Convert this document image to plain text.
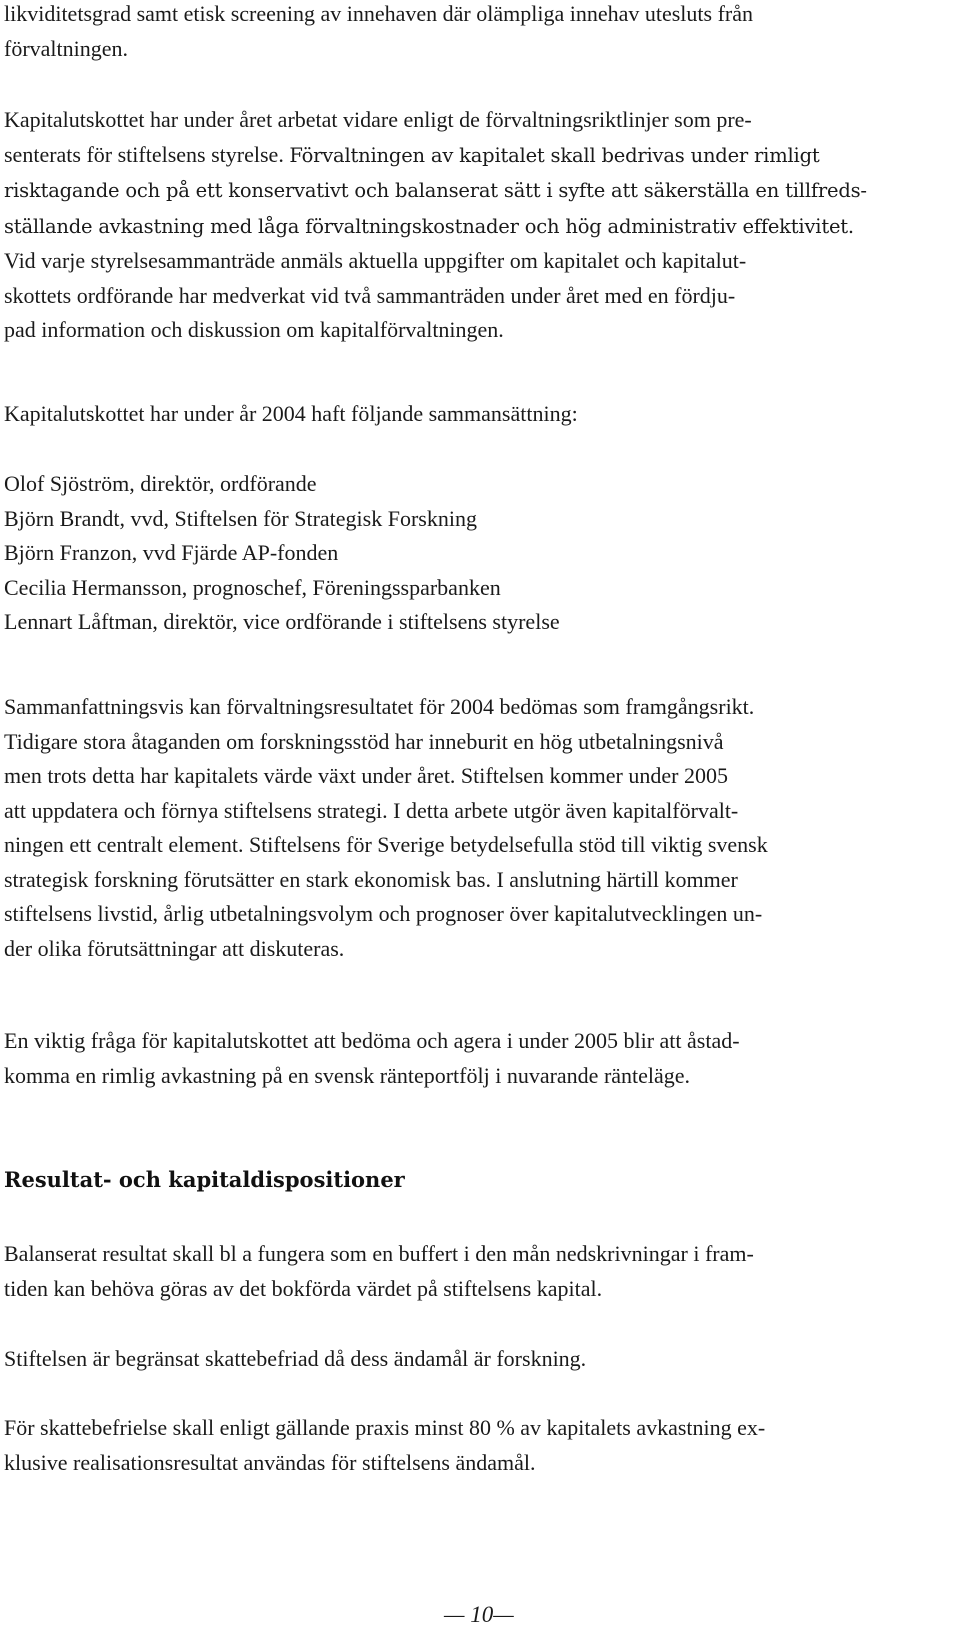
likviditetsgrad samt etisk screening av innehaven där olämpliga innehav utesluts från
förvaltningen.

Kapitalutskottet har under året arbetat vidare enligt de förvaltningsriktlinjer som pre-
senterats för stiftelsens styrelse. Förvaltningen av kapitalet skall bedrivas under rimligt
risktagande och på ett konservativt och balanserat sätt i syfte att säkerställa en tillfreds-
ställande avkastning med låga förvaltningskostnader och hög administrativ effektivitet.
Vid varje styrelsesammanträde anmäls aktuella uppgifter om kapitalet och kapitalut-
skottets ordförande har medverkat vid två sammanträden under året med en fördju-
pad information och diskussion om kapitalförvaltningen.

Kapitalutskottet har under år 2004 haft följande sammansättning:

Olof Sjöström, direktör, ordförande
Björn Brandt, vvd, Stiftelsen för Strategisk Forskning
Björn Franzon, vvd Fjärde AP-fonden
Cecilia Hermansson, prognoschef, Föreningssparbanken
Lennart Låftman, direktör, vice ordförande i stiftelsens styrelse

Sammanfattningsvis kan förvaltningsresultatet för 2004 bedömas som framgångsrikt.
Tidigare stora åtaganden om forskningsstöd har inneburit en hög utbetalningsnivå
men trots detta har kapitalets värde växt under året. Stiftelsen kommer under 2005
att uppdatera och förnya stiftelsens strategi. I detta arbete utgör även kapitalförvalt-
ningen ett centralt element. Stiftelsens för Sverige betydelsefulla stöd till viktig svensk
strategisk forskning förutsätter en stark ekonomisk bas. I anslutning härtill kommer
stiftelsens livstid, årlig utbetalningsvolym och prognoser över kapitalutvecklingen un-
der olika förutsättningar att diskuteras.

En viktig fråga för kapitalutskottet att bedöma och agera i under 2005 blir att åstad-
komma en rimlig avkastning på en svensk ränteportfölj i nuvarande ränteläge.

Resultat- och kapitaldispositioner

Balanserat resultat skall bl a fungera som en buffert i den mån nedskrivningar i fram-
tiden kan behöva göras av det bokförda värdet på stiftelsens kapital.

Stiftelsen är begränsat skattebefriad då dess ändamål är forskning.

För skattebefrielse skall enligt gällande praxis minst 80 % av kapitalets avkastning ex-
klusive realisationsresultat användas för stiftelsens ändamål.

— 10—
